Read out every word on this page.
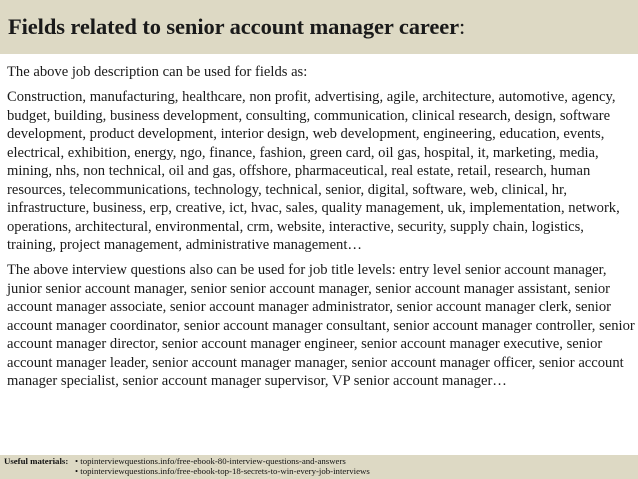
Fields related to senior account manager career:

The above job description can be used for fields as:

Construction, manufacturing, healthcare, non profit, advertising, agile, architecture, automotive, agency, budget, building, business development, consulting, communication, clinical research, design, software development, product development, interior design, web development, engineering, education, events, electrical, exhibition, energy, ngo, finance, fashion, green card, oil gas, hospital, it, marketing, media, mining, nhs, non technical, oil and gas, offshore, pharmaceutical, real estate, retail, research, human resources, telecommunications, technology, technical, senior, digital, software, web, clinical, hr, infrastructure, business, erp, creative, ict, hvac, sales, quality management, uk, implementation, network, operations, architectural, environmental, crm, website, interactive, security, supply chain, logistics, training, project management, administrative management…

The above interview questions also can be used for job title levels: entry level senior account manager, junior senior account manager, senior senior account manager, senior account manager assistant, senior account manager associate, senior account manager administrator, senior account manager clerk, senior account manager coordinator, senior account manager consultant, senior account manager controller, senior account manager director, senior account manager engineer, senior account manager executive, senior account manager leader, senior account manager manager, senior account manager officer, senior account manager specialist, senior account manager supervisor, VP senior account manager…

Useful materials: • topinterviewquestions.info/free-ebook-80-interview-questions-and-answers
• topinterviewquestions.info/free-ebook-top-18-secrets-to-win-every-job-interviews
